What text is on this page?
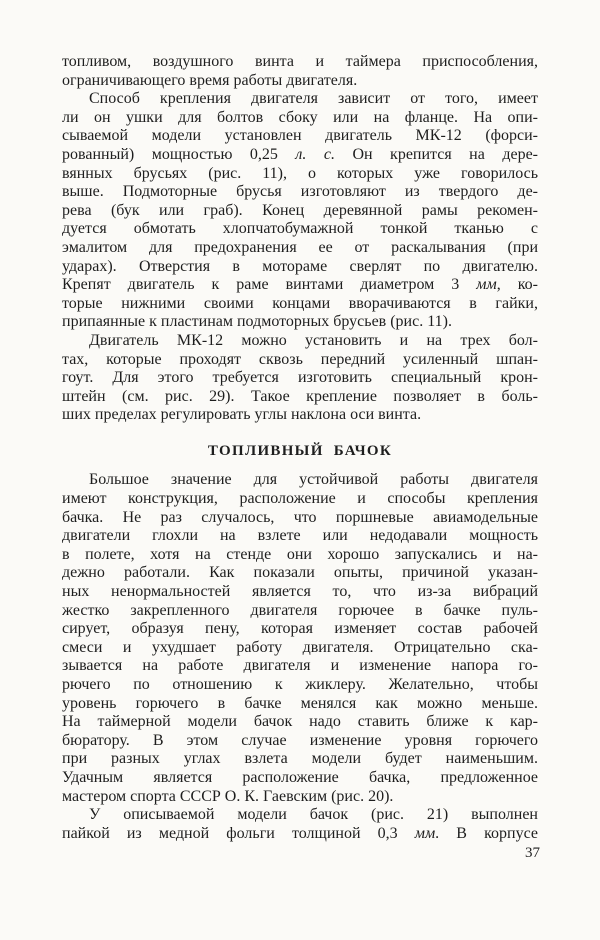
топливом, воздушного винта и таймера приспособления,
ограничивающего время работы двигателя.
Способ крепления двигателя зависит от того, имеет
ли он ушки для болтов сбоку или на фланце. На опи-
сываемой модели установлен двигатель МК-12 (форси-
рованный) мощностью 0,25 л. с. Он крепится на дере-
вянных брусьях (рис. 11), о которых уже говорилось
выше. Подмоторные брусья изготовляют из твердого де-
рева (бук или граб). Конец деревянной рамы рекомен-
дуется обмотать хлопчатобумажной тонкой тканью с
эмалитом для предохранения ее от раскалывания (при
ударах). Отверстия в мотораме сверлят по двигателю.
Крепят двигатель к раме винтами диаметром 3 мм, ко-
торые нижними своими концами вворачиваются в гайки,
припаянные к пластинам подмоторных брусьев (рис. 11).
Двигатель МК-12 можно установить и на трех бол-
тах, которые проходят сквозь передний усиленный шпан-
гоут. Для этого требуется изготовить специальный крон-
штейн (см. рис. 29). Такое крепление позволяет в боль-
ших пределах регулировать углы наклона оси винта.
ТОПЛИВНЫЙ БАЧОК
Большое значение для устойчивой работы двигателя
имеют конструкция, расположение и способы крепления
бачка. Не раз случалось, что поршневые авиамодельные
двигатели глохли на взлете или недодавали мощность
в полете, хотя на стенде они хорошо запускались и на-
дежно работали. Как показали опыты, причиной указан-
ных ненормальностей является то, что из-за вибраций
жестко закрепленного двигателя горючее в бачке пуль-
сирует, образуя пену, которая изменяет состав рабочей
смеси и ухудшает работу двигателя. Отрицательно ска-
зывается на работе двигателя и изменение напора го-
рючего по отношению к жиклеру. Желательно, чтобы
уровень горючего в бачке менялся как можно меньше.
На таймерной модели бачок надо ставить ближе к кар-
бюратору. В этом случае изменение уровня горючего
при разных углах взлета модели будет наименьшим.
Удачным является расположение бачка, предложенное
мастером спорта СССР О. К. Гаевским (рис. 20).
У описываемой модели бачок (рис. 21) выполнен
пайкой из медной фольги толщиной 0,3 мм. В корпусе
37
